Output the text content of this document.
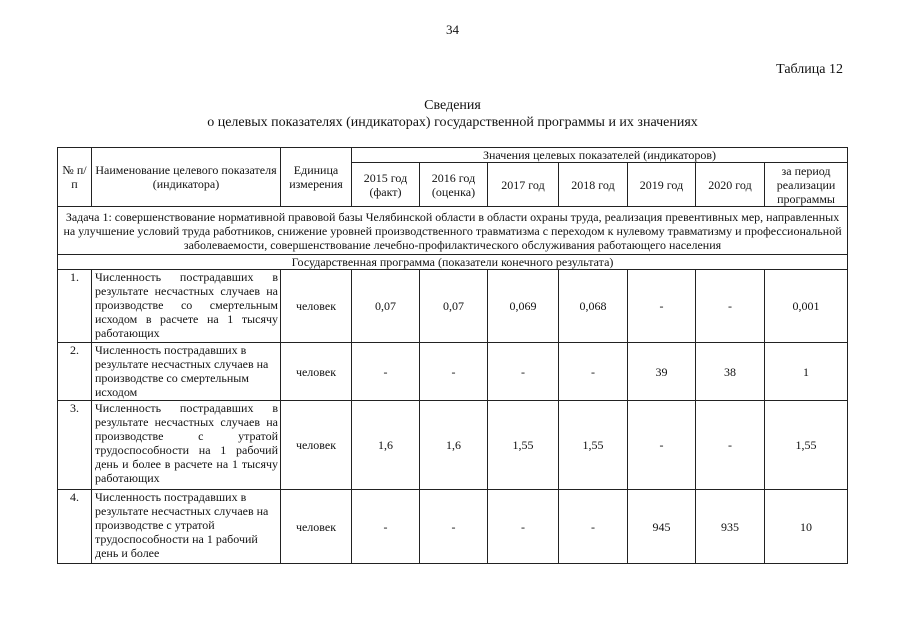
34
Таблица 12
Сведения
о целевых показателях (индикаторах) государственной программы и их значениях
№ п/п	Наименование целевого показателя (индикатора)	Единица измерения	Значения целевых показателей (индикаторов)						
			2015 год (факт)	2016 год (оценка)	2017 год	2018 год	2019 год	2020 год	за период реализации программы
Задача 1: совершенствование нормативной правовой базы Челябинской области в области охраны труда, реализация превентивных мер, направленных на улучшение условий труда работников, снижение уровней производственного травматизма с переходом к нулевому травматизму и профессиональной заболеваемости, совершенствование лечебно-профилактического обслуживания работающего населения									
Государственная программа (показатели конечного результата)									
1.	Численность пострадавших в результате несчастных случаев на производстве со смертельным исходом в расчете на 1 тысячу работающих	человек	0,07	0,07	0,069	0,068	-	-	0,001
2.	Численность пострадавших в результате несчастных случаев на производстве со смертельным исходом	человек	-	-	-	-	39	38	1
3.	Численность пострадавших в результате несчастных случаев на производстве с утратой трудоспособности на 1 рабочий день и более в расчете на 1 тысячу работающих	человек	1,6	1,6	1,55	1,55	-	-	1,55
4.	Численность пострадавших в результате несчастных случаев на производстве с утратой трудоспособности на 1 рабочий день и более	человек	-	-	-	-	945	935	10
